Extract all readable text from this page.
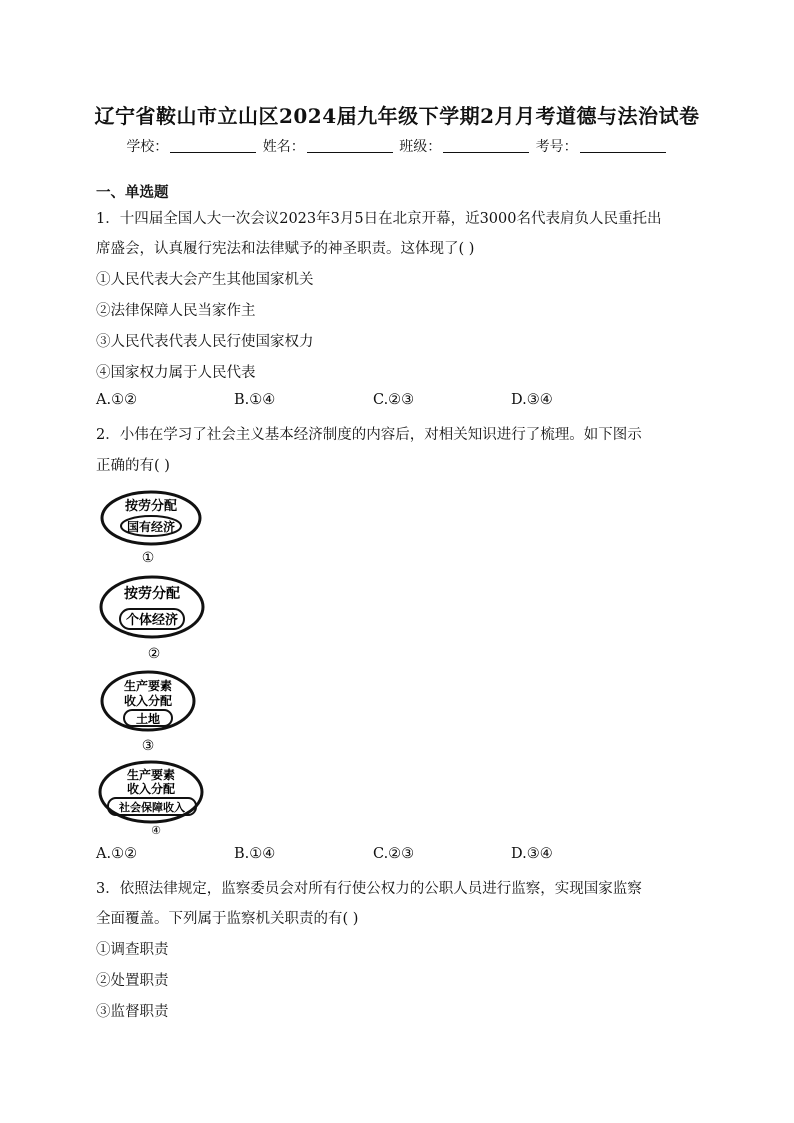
辽宁省鞍山市立山区2024届九年级下学期2月月考道德与法治试卷
学校：	姓名：	班级：	考号：
一、单选题
1．十四届全国人大一次会议2023年3月5日在北京开幕，近3000名代表肩负人民重托出
席盛会，认真履行宪法和法律赋予的神圣职责。这体现了( )
①人民代表大会产生其他国家机关
②法律保障人民当家作主
③人民代表代表人民行使国家权力
④国家权力属于人民代表
A.①②	B.①④	C.②③	D.③④
2．小伟在学习了社会主义基本经济制度的内容后，对相关知识进行了梳理。如下图示
正确的有( )
按劳分配
国有经济
①
按劳分配
个体经济
②
生产要素
收入分配
土地
③
生产要素
收入分配
社会保障收入
④
A.①②	B.①④	C.②③	D.③④
3．依照法律规定，监察委员会对所有行使公权力的公职人员进行监察，实现国家监察
全面覆盖。下列属于监察机关职责的有( )
①调查职责
②处置职责
③监督职责
